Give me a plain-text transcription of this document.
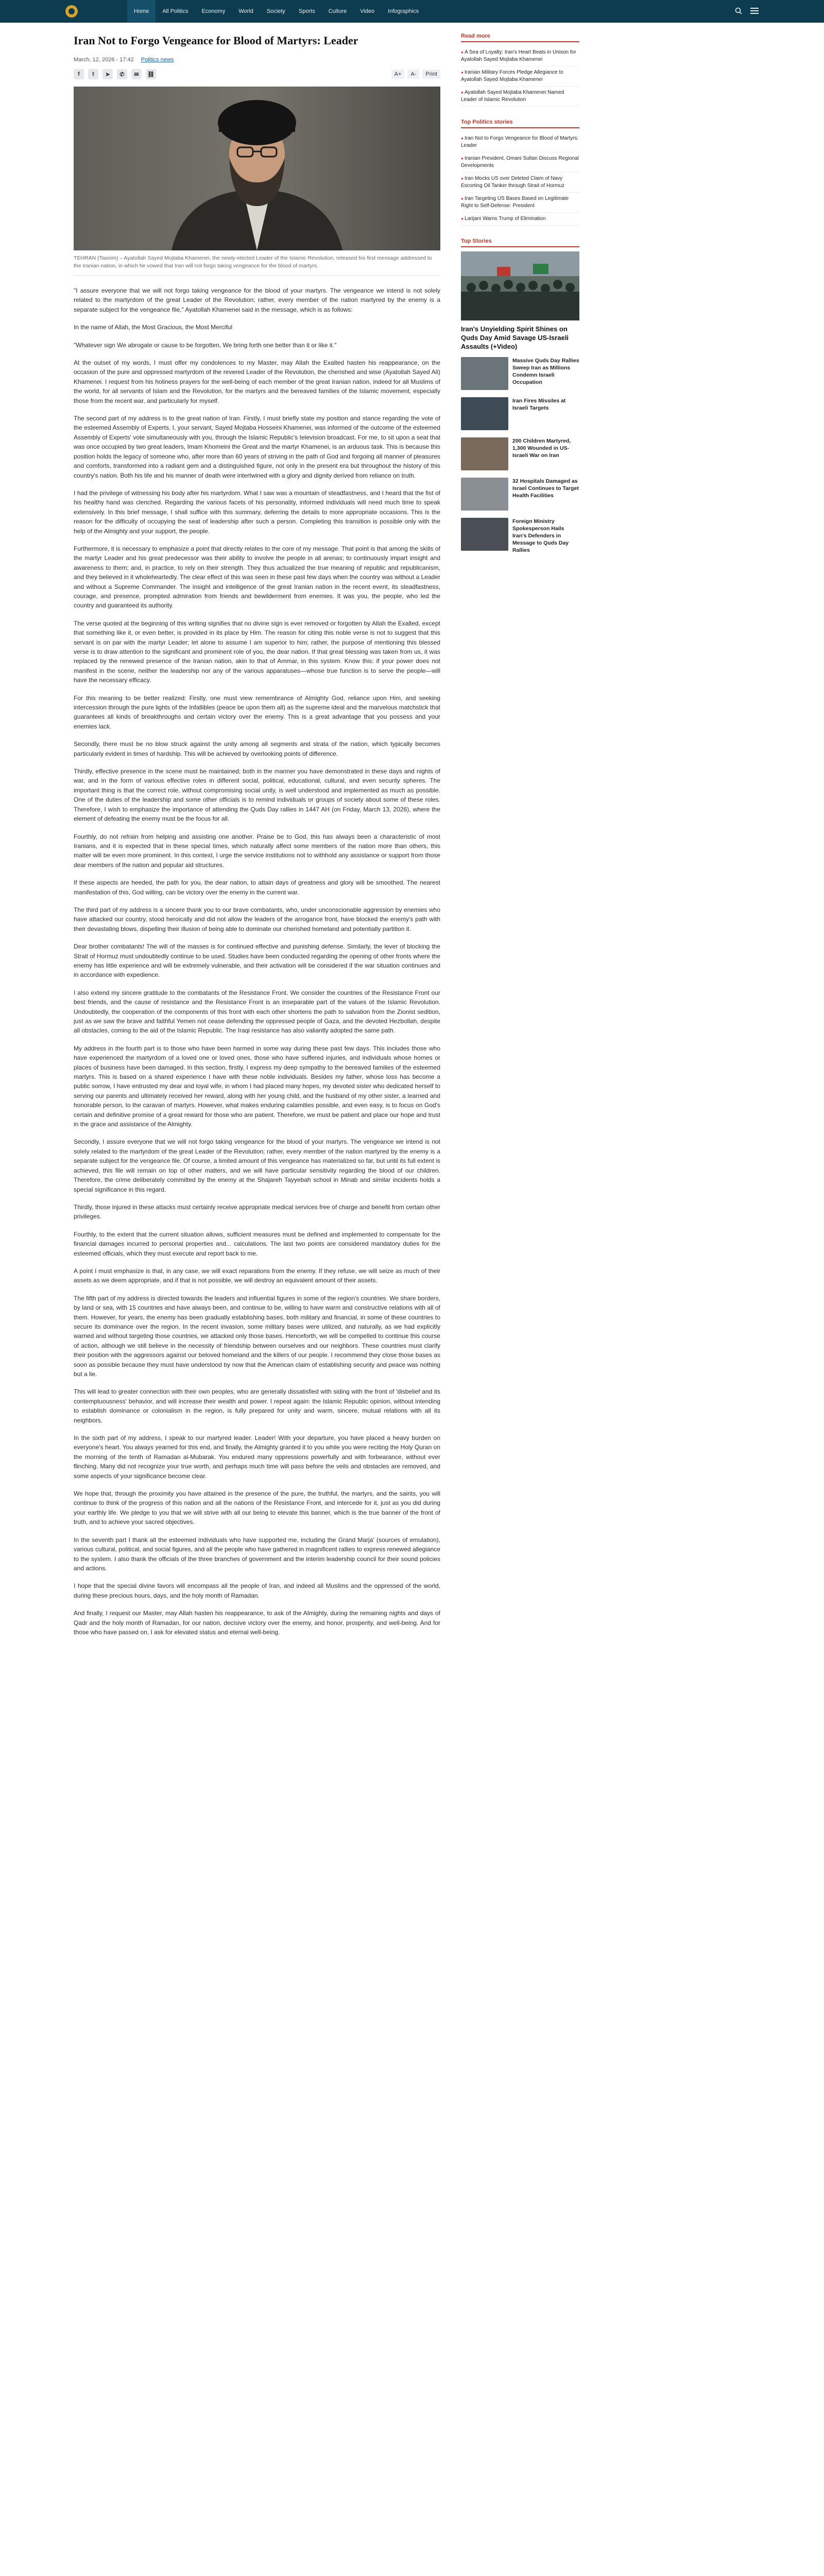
Home	All Politics	Economy	World	Society	Sports	Culture	Video	Infographics
Iran Not to Forgo Vengeance for Blood of Martyrs: Leader
March, 12, 2026 - 17:42 Politics news
f	t	➤	✆	✉	⛓	A+	A-	Print

TEHRAN (Tasnim) – Ayatollah Sayed Mojtaba Khamenei, the newly-elected Leader of the Islamic Revolution, released his first message addressed to the Iranian nation, in which he vowed that Iran will not forgo taking vengeance for the blood of martyrs.

"I assure everyone that we will not forgo taking vengeance for the blood of your martyrs. The vengeance we intend is not solely related to the martyrdom of the great Leader of the Revolution; rather, every member of the nation martyred by the enemy is a separate subject for the vengeance file," Ayatollah Khamenei said in the message, which is as follows:

In the name of Allah, the Most Gracious, the Most Merciful

"Whatever sign We abrogate or cause to be forgotten, We bring forth one better than it or like it."

At the outset of my words, I must offer my condolences to my Master, may Allah the Exalted hasten his reappearance, on the occasion of the pure and oppressed martyrdom of the revered Leader of the Revolution, the cherished and wise (Ayatollah Sayed Ali) Khamenei. I request from his holiness prayers for the well-being of each member of the great Iranian nation, indeed for all Muslims of the world, for all servants of Islam and the Revolution, for the martyrs and the bereaved families of the Islamic movement, especially those from the recent war, and particularly for myself.

The second part of my address is to the great nation of Iran. Firstly, I must briefly state my position and stance regarding the vote of the esteemed Assembly of Experts. I, your servant, Sayed Mojtaba Hosseini Khamenei, was informed of the outcome of the esteemed Assembly of Experts' vote simultaneously with you, through the Islamic Republic's television broadcast. For me, to sit upon a seat that was once occupied by two great leaders, Imam Khomeini the Great and the martyr Khamenei, is an arduous task. This is because this position holds the legacy of someone who, after more than 60 years of striving in the path of God and forgoing all manner of pleasures and comforts, transformed into a radiant gem and a distinguished figure, not only in the present era but throughout the history of this country's nation. Both his life and his manner of death were intertwined with a glory and dignity derived from reliance on truth.

I had the privilege of witnessing his body after his martyrdom. What I saw was a mountain of steadfastness, and I heard that the fist of his healthy hand was clenched. Regarding the various facets of his personality, informed individuals will need much time to speak extensively. In this brief message, I shall suffice with this summary, deferring the details to more appropriate occasions. This is the reason for the difficulty of occupying the seat of leadership after such a person. Completing this transition is possible only with the help of the Almighty and your support, the people.

Furthermore, it is necessary to emphasize a point that directly relates to the core of my message. That point is that among the skills of the martyr Leader and his great predecessor was their ability to involve the people in all arenas; to continuously impart insight and awareness to them; and, in practice, to rely on their strength. They thus actualized the true meaning of republic and republicanism, and they believed in it wholeheartedly. The clear effect of this was seen in these past few days when the country was without a Leader and without a Supreme Commander. The insight and intelligence of the great Iranian nation in the recent event, its steadfastness, courage, and presence, prompted admiration from friends and bewilderment from enemies. It was you, the people, who led the country and guaranteed its authority.

The verse quoted at the beginning of this writing signifies that no divine sign is ever removed or forgotten by Allah the Exalted, except that something like it, or even better, is provided in its place by Him. The reason for citing this noble verse is not to suggest that this servant is on par with the martyr Leader; let alone to assume I am superior to him; rather, the purpose of mentioning this blessed verse is to draw attention to the significant and prominent role of you, the dear nation. If that great blessing was taken from us, it was replaced by the renewed presence of the Iranian nation, akin to that of Ammar, in this system. Know this: if your power does not manifest in the scene, neither the leadership nor any of the various apparatuses—whose true function is to serve the people—will have the necessary efficacy.

For this meaning to be better realized: Firstly, one must view remembrance of Almighty God, reliance upon Him, and seeking intercession through the pure lights of the Infallibles (peace be upon them all) as the supreme ideal and the marvelous matchstick that guarantees all kinds of breakthroughs and certain victory over the enemy. This is a great advantage that you possess and your enemies lack.

Secondly, there must be no blow struck against the unity among all segments and strata of the nation, which typically becomes particularly evident in times of hardship. This will be achieved by overlooking points of difference.

Thirdly, effective presence in the scene must be maintained; both in the manner you have demonstrated in these days and nights of war, and in the form of various effective roles in different social, political, educational, cultural, and even security spheres. The important thing is that the correct role, without compromising social unity, is well understood and implemented as much as possible. One of the duties of the leadership and some other officials is to remind individuals or groups of society about some of these roles. Therefore, I wish to emphasize the importance of attending the Quds Day rallies in 1447 AH (on Friday, March 13, 2026), where the element of defeating the enemy must be the focus for all.

Fourthly, do not refrain from helping and assisting one another. Praise be to God, this has always been a characteristic of most Iranians, and it is expected that in these special times, which naturally affect some members of the nation more than others, this matter will be even more prominent. In this context, I urge the service institutions not to withhold any assistance or support from those dear members of the nation and popular aid structures.

If these aspects are heeded, the path for you, the dear nation, to attain days of greatness and glory will be smoothed. The nearest manifestation of this, God willing, can be victory over the enemy in the current war.

The third part of my address is a sincere thank you to our brave combatants, who, under unconscionable aggression by enemies who have attacked our country, stood heroically and did not allow the leaders of the arrogance front, have blocked the enemy's path with their devastating blows, dispelling their illusion of being able to dominate our cherished homeland and potentially partition it.

Dear brother combatants! The will of the masses is for continued effective and punishing defense. Similarly, the lever of blocking the Strait of Hormuz must undoubtedly continue to be used. Studies have been conducted regarding the opening of other fronts where the enemy has little experience and will be extremely vulnerable, and their activation will be considered if the war situation continues and in accordance with expedience.

I also extend my sincere gratitude to the combatants of the Resistance Front. We consider the countries of the Resistance Front our best friends, and the cause of resistance and the Resistance Front is an inseparable part of the values of the Islamic Revolution. Undoubtedly, the cooperation of the components of this front with each other shortens the path to salvation from the Zionist sedition, just as we saw the brave and faithful Yemen not cease defending the oppressed people of Gaza, and the devoted Hezbollah, despite all obstacles, coming to the aid of the Islamic Republic. The Iraqi resistance has also valiantly adopted the same path.

My address in the fourth part is to those who have been harmed in some way during these past few days. This includes those who have experienced the martyrdom of a loved one or loved ones, those who have suffered injuries, and individuals whose homes or places of business have been damaged. In this section, firstly, I express my deep sympathy to the bereaved families of the esteemed martyrs. This is based on a shared experience I have with these noble individuals. Besides my father, whose loss has become a public sorrow, I have entrusted my dear and loyal wife, in whom I had placed many hopes, my devoted sister who dedicated herself to serving our parents and ultimately received her reward, along with her young child, and the husband of my other sister, a learned and honorable person, to the caravan of martyrs. However, what makes enduring calamities possible, and even easy, is to focus on God's certain and definitive promise of a great reward for those who are patient. Therefore, we must be patient and place our hope and trust in the grace and assistance of the Almighty.

Secondly, I assure everyone that we will not forgo taking vengeance for the blood of your martyrs. The vengeance we intend is not solely related to the martyrdom of the great Leader of the Revolution; rather, every member of the nation martyred by the enemy is a separate subject for the vengeance file. Of course, a limited amount of this vengeance has materialized so far, but until its full extent is achieved, this file will remain on top of other matters, and we will have particular sensitivity regarding the blood of our children. Therefore, the crime deliberately committed by the enemy at the Shajareh Tayyebah school in Minab and similar incidents holds a special significance in this regard.

Thirdly, those injured in these attacks must certainly receive appropriate medical services free of charge and benefit from certain other privileges.

Fourthly, to the extent that the current situation allows, sufficient measures must be defined and implemented to compensate for the financial damages incurred to personal properties and... calculations. The last two points are considered mandatory duties for the esteemed officials, which they must execute and report back to me.

A point I must emphasize is that, in any case, we will exact reparations from the enemy. If they refuse, we will seize as much of their assets as we deem appropriate, and if that is not possible, we will destroy an equivalent amount of their assets.

The fifth part of my address is directed towards the leaders and influential figures in some of the region's countries. We share borders, by land or sea, with 15 countries and have always been, and continue to be, willing to have warm and constructive relations with all of them. However, for years, the enemy has been gradually establishing bases, both military and financial, in some of these countries to secure its dominance over the region. In the recent invasion, some military bases were utilized, and naturally, as we had explicitly warned and without targeting those countries, we attacked only those bases. Henceforth, we will be compelled to continue this course of action, although we still believe in the necessity of friendship between ourselves and our neighbors. These countries must clarify their position with the aggressors against our beloved homeland and the killers of our people. I recommend they close those bases as soon as possible because they must have understood by now that the American claim of establishing security and peace was nothing but a lie.

This will lead to greater connection with their own peoples, who are generally dissatisfied with siding with the front of 'disbelief and its contemptuousness' behavior, and will increase their wealth and power. I repeat again: the Islamic Republic opinion, without intending to establish dominance or colonialism in the region, is fully prepared for unity and warm, sincere, mutual relations with all its neighbors.

In the sixth part of my address, I speak to our martyred leader. Leader! With your departure, you have placed a heavy burden on everyone's heart. You always yearned for this end, and finally, the Almighty granted it to you while you were reciting the Holy Quran on the morning of the tenth of Ramadan al-Mubarak. You endured many oppressions powerfully and with forbearance, without ever flinching. Many did not recognize your true worth, and perhaps much time will pass before the veils and obstacles are removed, and some aspects of your significance become clear.

We hope that, through the proximity you have attained in the presence of the pure, the truthful, the martyrs, and the saints, you will continue to think of the progress of this nation and all the nations of the Resistance Front, and intercede for it, just as you did during your earthly life. We pledge to you that we will strive with all our being to elevate this banner, which is the true banner of the front of truth, and to achieve your sacred objectives.

In the seventh part I thank all the esteemed individuals who have supported me, including the Grand Marja' (sources of emulation), various cultural, political, and social figures, and all the people who have gathered in magnificent rallies to express renewed allegiance to the system. I also thank the officials of the three branches of government and the interim leadership council for their sound policies and actions.

I hope that the special divine favors will encompass all the people of Iran, and indeed all Muslims and the oppressed of the world, during these precious hours, days, and the holy month of Ramadan.

And finally, I request our Master, may Allah hasten his reappearance, to ask of the Almighty, during the remaining nights and days of Qadr and the holy month of Ramadan, for our nation, decisive victory over the enemy, and honor, prosperity, and well-being. And for those who have passed on, I ask for elevated status and eternal well-being.

Read more
● A Sea of Loyalty: Iran's Heart Beats in Unison for Ayatollah Sayed Mojtaba Khamenei
● Iranian Military Forces Pledge Allegiance to Ayatollah Sayed Mojtaba Khamenei
● Ayatollah Sayed Mojtaba Khamenei Named Leader of Islamic Revolution
Top Politics stories
● Iran Not to Forgo Vengeance for Blood of Martyrs: Leader
● Iranian President, Omani Sultan Discuss Regional Developments
● Iran Mocks US over Deleted Claim of Navy Escorting Oil Tanker through Strait of Hormuz
● Iran Targeting US Bases Based on Legitimate Right to Self-Defense: President
● Larijani Warns Trump of Elimination
Top Stories
Iran's Unyielding Spirit Shines on Quds Day Amid Savage US-Israeli Assaults (+Video)
Massive Quds Day Rallies Sweep Iran as Millions Condemn Israeli Occupation
Iran Fires Missiles at Israeli Targets
200 Children Martyred, 1,300 Wounded in US-Israeli War on Iran
32 Hospitals Damaged as Israel Continues to Target Health Facilities
Foreign Ministry Spokesperson Hails Iran's Defenders in Message to Quds Day Rallies
